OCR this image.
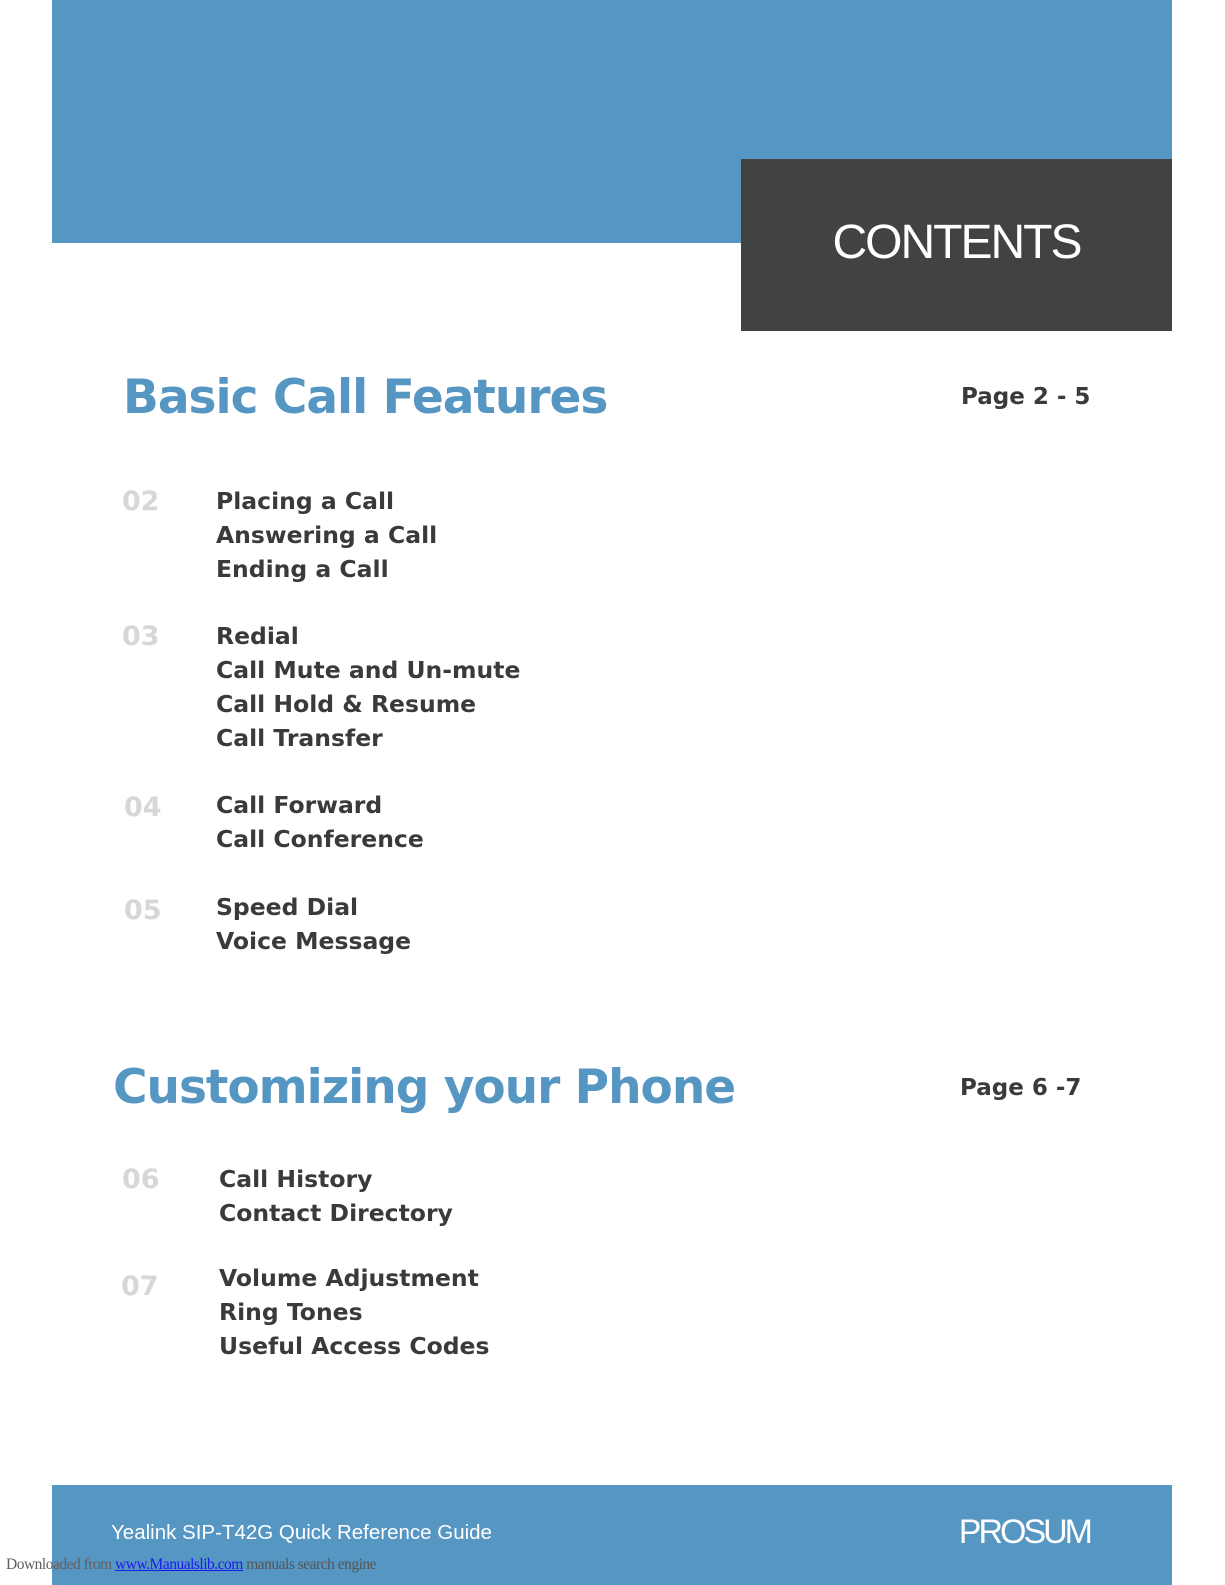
CONTENTS
Basic Call Features	Page 2 - 5
02 Placing a Call
Answering a Call
Ending a Call
03 Redial
Call Mute and Un-mute
Call Hold & Resume
Call Transfer
04 Call Forward
Call Conference
05 Speed Dial
Voice Message
Customizing your Phone	Page 6 -7
06	Call History
Contact Directory
07	Volume Adjustment
Ring Tones
Useful Access Codes
Yealink SIP-T42G Quick Reference Guide	PROSUM
Downloaded from www.Manualslib.com manuals search engine
